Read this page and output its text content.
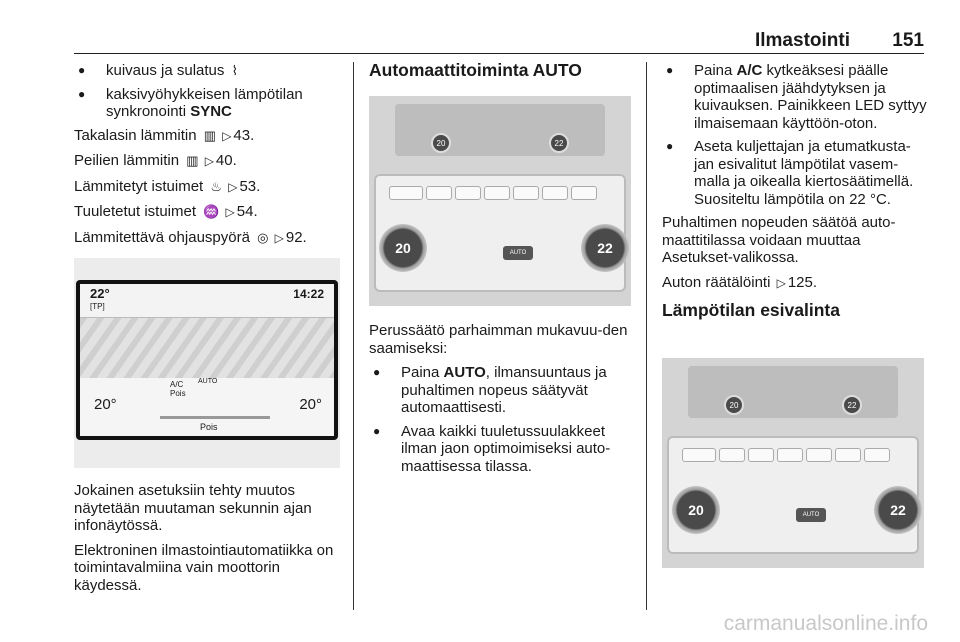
Ilmastointi 151
● kuivaus ja sulatus ⌇
● kaksivyöhykkeisen lämpötilan synkronointi SYNC
Takalasin lämmitin ▥ ▷ 43.
Peilien lämmitin ▥ ▷ 40.
Lämmitetyt istuimet ♨ ▷ 53.
Tuuletetut istuimet ♒ ▷ 54.
Lämmitettävä ohjauspyörä ◎ ▷ 92.
22°
[TP]
14:22
20°
A/C
Pois
AUTO
20°
Pois

Jokainen asetuksiin tehty muutos näytetään muutaman sekunnin ajan infonäytössä.

Elektroninen ilmastointiautomatiikka on toimintavalmiina vain moottorin käydessä.

Automaattitoiminta AUTO
20	22
20	22
AUTO

Perussäätö parhaimman mukavuu-den saamiseksi:

● Paina AUTO, ilmansuuntaus ja puhaltimen nopeus säätyvät automaattisesti.
● Avaa kaikki tuuletussuulakkeet ilman jaon optimoimiseksi auto-maattisessa tilassa.
● Paina A/C kytkeäksesi päälle optimaalisen jäähdytyksen ja kuivauksen. Painikkeen LED syttyy ilmaisemaan käyttöön-oton.
● Aseta kuljettajan ja etumatkusta-jan esivalitut lämpötilat vasem-malla ja oikealla kiertosäätimellä. Suositeltu lämpötila on 22 °C.

Puhaltimen nopeuden säätöä auto-maattitilassa voidaan muuttaa Asetukset-valikossa.

Auton räätälöinti ▷ 125.

Lämpötilan esivalinta
20	22
20	22
AUTO
carmanualsonline.info
